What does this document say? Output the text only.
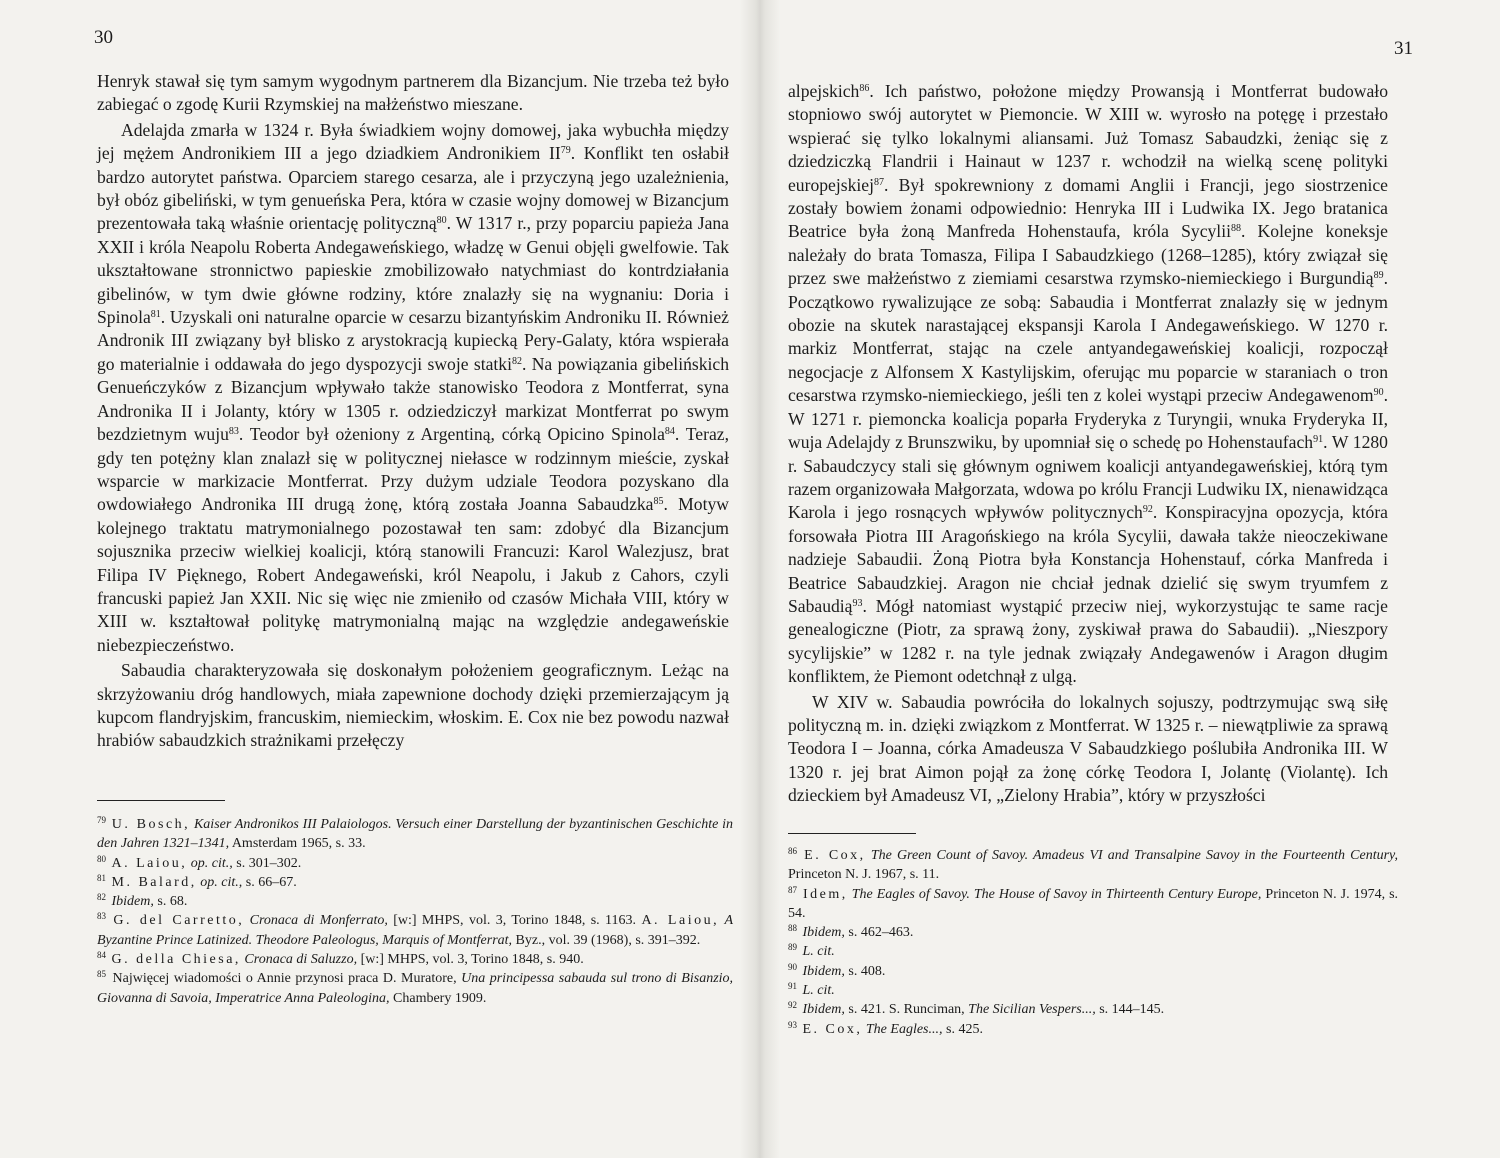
30

Henryk stawał się tym samym wygodnym partnerem dla Bizancjum. Nie trzeba też było zabiegać o zgodę Kurii Rzymskiej na małżeństwo mieszane.

Adelajda zmarła w 1324 r. Była świadkiem wojny domowej, jaka wybuchła między jej mężem Andronikiem III a jego dziadkiem Andronikiem II$^{79}$. Konflikt ten osłabił bardzo autorytet państwa. Oparciem starego cesarza, ale i przyczyną jego uzależnienia, był obóz gibeliński, w tym genueńska Pera, która w czasie wojny domowej w Bizancjum prezentowała taką właśnie orientację polityczną$^{80}$. W 1317 r., przy poparciu papieża Jana XXII i króla Neapolu Roberta Andegaweńskiego, władzę w Genui objęli gwelfowie. Tak ukształtowane stronnictwo papieskie zmobilizowało natychmiast do kontrdziałania gibelinów, w tym dwie główne rodziny, które znalazły się na wygnaniu: Doria i Spinola$^{81}$. Uzyskali oni naturalne oparcie w cesarzu bizantyńskim Androniku II. Również Andronik III związany był blisko z arystokracją kupiecką Pery-Galaty, która wspierała go materialnie i oddawała do jego dyspozycji swoje statki$^{82}$. Na powiązania gibelińskich Genueńczyków z Bizancjum wpływało także stanowisko Teodora z Montferrat, syna Andronika II i Jolanty, który w 1305 r. odziedziczył markizat Montferrat po swym bezdzietnym wuju$^{83}$. Teodor był ożeniony z Argentiną, córką Opicino Spinola$^{84}$. Teraz, gdy ten potężny klan znalazł się w politycznej niełasce w rodzinnym mieście, zyskał wsparcie w markizacie Montferrat. Przy dużym udziale Teodora pozyskano dla owdowiałego Andronika III drugą żonę, którą została Joanna Sabaudzka$^{85}$. Motyw kolejnego traktatu matrymonialnego pozostawał ten sam: zdobyć dla Bizancjum sojusznika przeciw wielkiej koalicji, którą stanowili Francuzi: Karol Walezjusz, brat Filipa IV Pięknego, Robert Andegaweński, król Neapolu, i Jakub z Cahors, czyli francuski papież Jan XXII. Nic się więc nie zmieniło od czasów Michała VIII, który w XIII w. kształtował politykę matrymonialną mając na względzie andegaweńskie niebezpieczeństwo.

Sabaudia charakteryzowała się doskonałym położeniem geograficznym. Leżąc na skrzyżowaniu dróg handlowych, miała zapewnione dochody dzięki przemierzającym ją kupcom flandryjskim, francuskim, niemieckim, włoskim. E. Cox nie bez powodu nazwał hrabiów sabaudzkich strażnikami przełęczy

$^{79}$ U. Bosch, Kaiser Andronikos III Palaiologos. Versuch einer Darstellung der byzantinischen Geschichte in den Jahren 1321–1341, Amsterdam 1965, s. 33.

$^{80}$ A. Laiou, op. cit., s. 301–302.

$^{81}$ M. Balard, op. cit., s. 66–67.

$^{82}$ Ibidem, s. 68.

$^{83}$ G. del Carretto, Cronaca di Monferrato, [w:] MHPS, vol. 3, Torino 1848, s. 1163. A. Laiou, A Byzantine Prince Latinized. Theodore Paleologus, Marquis of Montferrat, Byz., vol. 39 (1968), s. 391–392.

$^{84}$ G. della Chiesa, Cronaca di Saluzzo, [w:] MHPS, vol. 3, Torino 1848, s. 940.

$^{85}$ Najwięcej wiadomości o Annie przynosi praca D. Muratore, Una principessa sabauda sul trono di Bisanzio, Giovanna di Savoia, Imperatrice Anna Paleologina, Chambery 1909.

31

alpejskich$^{86}$. Ich państwo, położone między Prowansją i Montferrat budowało stopniowo swój autorytet w Piemoncie. W XIII w. wyrosło na potęgę i przestało wspierać się tylko lokalnymi aliansami. Już Tomasz Sabaudzki, żeniąc się z dziedziczką Flandrii i Hainaut w 1237 r. wchodził na wielką scenę polityki europejskiej$^{87}$. Był spokrewniony z domami Anglii i Francji, jego siostrzenice zostały bowiem żonami odpowiednio: Henryka III i Ludwika IX. Jego bratanica Beatrice była żoną Manfreda Hohenstaufa, króla Sycylii$^{88}$. Kolejne koneksje należały do brata Tomasza, Filipa I Sabaudzkiego (1268–1285), który związał się przez swe małżeństwo z ziemiami cesarstwa rzymsko-niemieckiego i Burgundią$^{89}$. Początkowo rywalizujące ze sobą: Sabaudia i Montferrat znalazły się w jednym obozie na skutek narastającej ekspansji Karola I Andegaweńskiego. W 1270 r. markiz Montferrat, stając na czele antyandegaweńskiej koalicji, rozpoczął negocjacje z Alfonsem X Kastylijskim, oferując mu poparcie w staraniach o tron cesarstwa rzymsko-niemieckiego, jeśli ten z kolei wystąpi przeciw Andegawenom$^{90}$. W 1271 r. piemoncka koalicja poparła Fryderyka z Turyngii, wnuka Fryderyka II, wuja Adelajdy z Brunszwiku, by upomniał się o schedę po Hohenstaufach$^{91}$. W 1280 r. Sabaudczycy stali się głównym ogniwem koalicji antyandegaweńskiej, którą tym razem organizowała Małgorzata, wdowa po królu Francji Ludwiku IX, nienawidząca Karola i jego rosnących wpływów politycznych$^{92}$. Konspiracyjna opozycja, która forsowała Piotra III Aragońskiego na króla Sycylii, dawała także nieoczekiwane nadzieje Sabaudii. Żoną Piotra była Konstancja Hohenstauf, córka Manfreda i Beatrice Sabaudzkiej. Aragon nie chciał jednak dzielić się swym tryumfem z Sabaudią$^{93}$. Mógł natomiast wystąpić przeciw niej, wykorzystując te same racje genealogiczne (Piotr, za sprawą żony, zyskiwał prawa do Sabaudii). „Nieszpory sycylijskie” w 1282 r. na tyle jednak związały Andegawenów i Aragon długim konfliktem, że Piemont odetchnął z ulgą.

W XIV w. Sabaudia powróciła do lokalnych sojuszy, podtrzymując swą siłę polityczną m. in. dzięki związkom z Montferrat. W 1325 r. – niewątpliwie za sprawą Teodora I – Joanna, córka Amadeusza V Sabaudzkiego poślubiła Andronika III. W 1320 r. jej brat Aimon pojął za żonę córkę Teodora I, Jolantę (Violantę). Ich dzieckiem był Amadeusz VI, „Zielony Hrabia”, który w przyszłości

$^{86}$ E. Cox, The Green Count of Savoy. Amadeus VI and Transalpine Savoy in the Fourteenth Century, Princeton N. J. 1967, s. 11.

$^{87}$ Idem, The Eagles of Savoy. The House of Savoy in Thirteenth Century Europe, Princeton N. J. 1974, s. 54.

$^{88}$ Ibidem, s. 462–463.

$^{89}$ L. cit.

$^{90}$ Ibidem, s. 408.

$^{91}$ L. cit.

$^{92}$ Ibidem, s. 421. S. Runciman, The Sicilian Vespers..., s. 144–145.

$^{93}$ E. Cox, The Eagles..., s. 425.
